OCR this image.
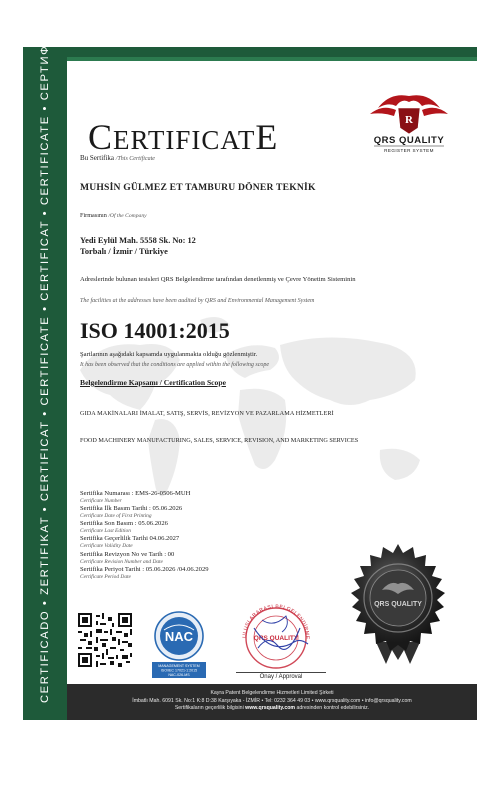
CERTIFICADO • ZERTIFIKAT • CERTIFICAT • CERTIFICATE • CERTIFICAT • CERTIFICATE • СЕРТИФИКАТ	Kayra Patent Belgelendirme Hizmetleri Limited Şirketi
İmbatlı Mah. 6091 Sk. No:1 K:8 D:38 Karşıyaka - İZMİR • Tel: 0232 364 49 03 • www.qrsquality.com • info@qrsquality.com
Sertifikaların geçerlilik bilgisini www.qrsquality.com adresinden kontrol edebilirsiniz.
CERTIFICATE
Bu Sertifika /This Certificate
R
QRS QUALITY
REGISTER SYSTEM
MUHSİN GÜLMEZ ET TAMBURU DÖNER TEKNİK
Firmasının /Of the Company
Yedi Eylül Mah. 5558 Sk. No: 12
Torbalı / İzmir / Türkiye
Adreslerinde bulunan tesisleri QRS Belgelendirme tarafından denetlenmiş ve Çevre Yönetim Sisteminin
The facilities at the addresses have been audited by QRS and Environmental Management System
ISO 14001:2015
Şartlarının aşağıdaki kapsamda uygulanmakta olduğu gözlenmiştir.
It has been observed that the conditions are applied within the following scope
Belgelendirme Kapsamı / Certification Scope
GIDA MAKİNALARI İMALAT, SATIŞ, SERVİS, REVİZYON VE PAZARLAMA HİZMETLERİ
FOOD MACHINERY MANUFACTURING, SALES, SERVICE, REVISION, AND MARKETING SERVICES
Sertifika Numarası : EMS-26-0506-MUH
Certificate Number
Sertifika İlk Basım Tarihi : 05.06.2026
Certificate Date of First Printing
Sertifika Son Basım : 05.06.2026
Certificate Last Edition
Sertifika Geçerlilik Tarihi 04.06.2027
Certificate Validity Date
Sertifika Revizyon No ve Tarih : 00
Certificate Revision Number and Date
Sertifika Periyot Tarihi : 05.06.2026 /04.06.2029
Certificate Period Date
NAC
MANAGEMENT SYSTEM
ISO/IEC 17021-1:2015
NAC-026-MS
ULUSLARARASI BELGELENDİRME
QRS QUALITY
Onay / Approval
QRS QUALITY
